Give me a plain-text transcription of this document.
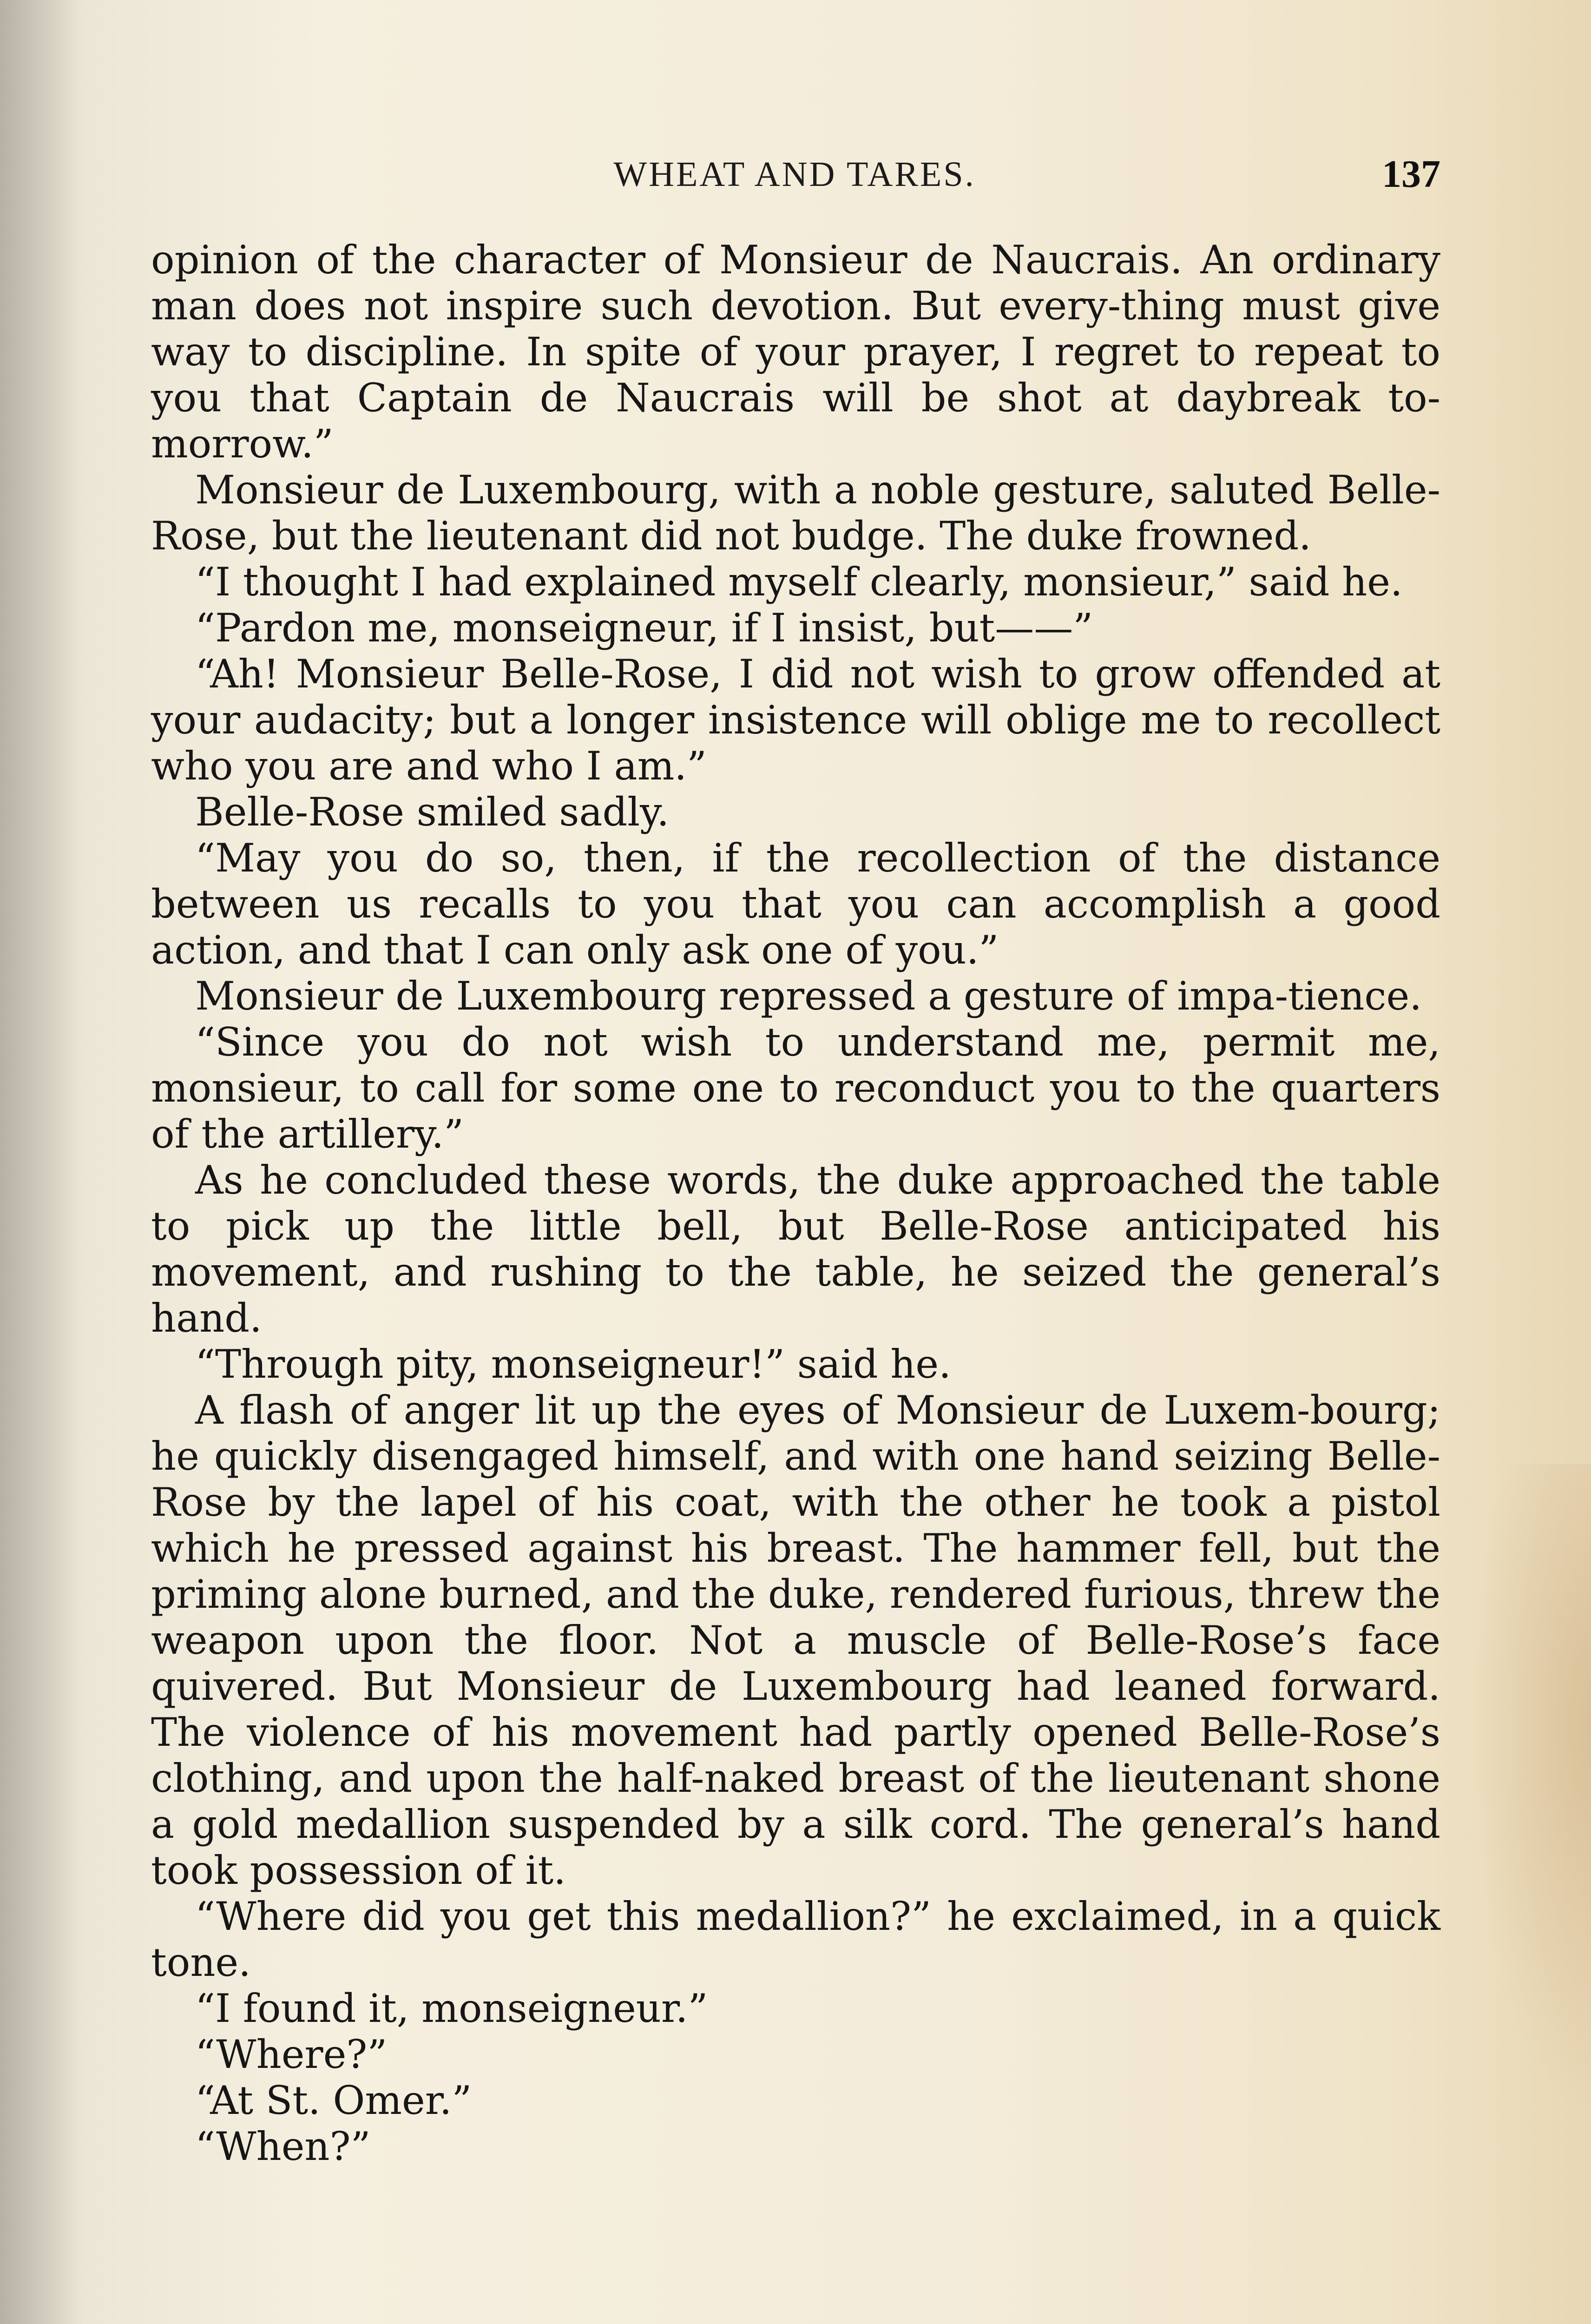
WHEAT AND TARES.	137

opinion of the character of Monsieur de Naucrais. An ordinary man does not inspire such devotion. But every-thing must give way to discipline. In spite of your prayer, I regret to repeat to you that Captain de Naucrais will be shot at daybreak to-morrow.”

Monsieur de Luxembourg, with a noble gesture, saluted Belle-Rose, but the lieutenant did not budge. The duke frowned.

“I thought I had explained myself clearly, monsieur,” said he.

“Pardon me, monseigneur, if I insist, but——”

“Ah! Monsieur Belle-Rose, I did not wish to grow offended at your audacity; but a longer insistence will oblige me to recollect who you are and who I am.”

Belle-Rose smiled sadly.

“May you do so, then, if the recollection of the distance between us recalls to you that you can accomplish a good action, and that I can only ask one of you.”

Monsieur de Luxembourg repressed a gesture of impa-tience.

“Since you do not wish to understand me, permit me, monsieur, to call for some one to reconduct you to the quarters of the artillery.”

As he concluded these words, the duke approached the table to pick up the little bell, but Belle-Rose anticipated his movement, and rushing to the table, he seized the general’s hand.

“Through pity, monseigneur!” said he.

A flash of anger lit up the eyes of Monsieur de Luxem-bourg; he quickly disengaged himself, and with one hand seizing Belle-Rose by the lapel of his coat, with the other he took a pistol which he pressed against his breast. The hammer fell, but the priming alone burned, and the duke, rendered furious, threw the weapon upon the floor. Not a muscle of Belle-Rose’s face quivered. But Monsieur de Luxembourg had leaned forward. The violence of his movement had partly opened Belle-Rose’s clothing, and upon the half-naked breast of the lieutenant shone a gold medallion suspended by a silk cord. The general’s hand took possession of it.

“Where did you get this medallion?” he exclaimed, in a quick tone.

“I found it, monseigneur.”

“Where?”

“At St. Omer.”

“When?”
